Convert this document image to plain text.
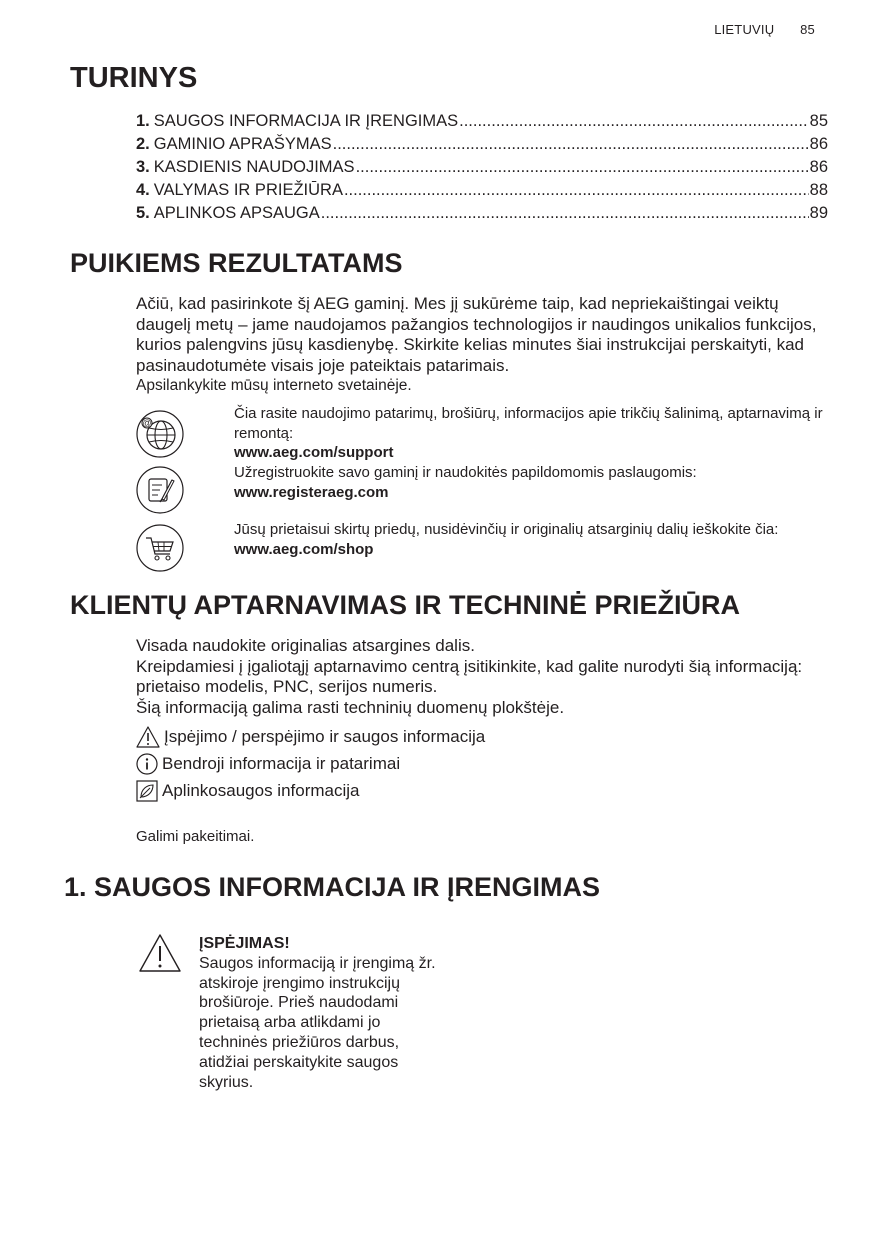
LIETUVIŲ 85
TURINYS
1. SAUGOS INFORMACIJA IR ĮRENGIMAS .....	85
2. GAMINIO APRAŠYMAS .....	86
3. KASDIENIS NAUDOJIMAS .....	86
4. VALYMAS IR PRIEŽIŪRA .....	88
5. APLINKOS APSAUGA .....	89
PUIKIEMS REZULTATAMS

Ačiū, kad pasirinkote šį AEG gaminį. Mes jį sukūrėme taip, kad nepriekaištingai veiktų daugelį metų – jame naudojamos pažangios technologijos ir naudingos unikalios funkcijos, kurios palengvins jūsų kasdienybę. Skirkite kelias minutes šiai instrukcijai perskaityti, kad pasinaudotumėte visais joje pateiktais patarimais.

Apsilankykite mūsų interneto svetainėje.

@
Čia rasite naudojimo patarimų, brošiūrų, informacijos apie trikčių šalinimą, aptarnavimą ir remontą:
www.aeg.com/support
Užregistruokite savo gaminį ir naudokitės papildomomis paslaugomis:
www.registeraeg.com
Jūsų prietaisui skirtų priedų, nusidėvinčių ir originalių atsarginių dalių ieškokite čia:
www.aeg.com/shop
KLIENTŲ APTARNAVIMAS IR TECHNINĖ PRIEŽIŪRA

Visada naudokite originalias atsargines dalis.

Kreipdamiesi į įgaliotąjį aptarnavimo centrą įsitikinkite, kad galite nurodyti šią informaciją: prietaiso modelis, PNC, serijos numeris.

Šią informaciją galima rasti techninių duomenų plokštėje.

Įspėjimo / perspėjimo ir saugos informacija
Bendroji informacija ir patarimai
Aplinkosaugos informacija
Galimi pakeitimai.
1. SAUGOS INFORMACIJA IR ĮRENGIMAS
ĮSPĖJIMAS!
Saugos informaciją ir įrengimą žr. atskiroje įrengimo instrukcijų brošiūroje. Prieš naudodami prietaisą arba atlikdami jo techninės priežiūros darbus, atidžiai perskaitykite saugos skyrius.
